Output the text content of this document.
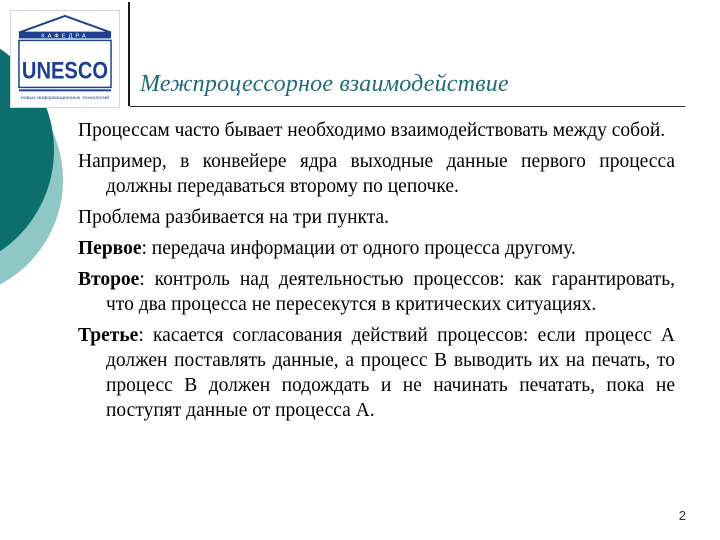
КАФЕДРА
UNESCO
новых информационных технологий
Межпроцессорное взаимодействие

Процессам часто бывает необходимо взаимодействовать между собой.

Например, в конвейере ядра выходные данные первого процесса должны передаваться второму по цепочке.

Проблема разбивается на три пункта.

Первое: передача информации от одного процесса другому.

Второе: контроль над деятельностью процессов: как гарантировать, что два процесса не пересекутся в критических ситуациях.

Третье: касается согласования действий процессов: если процесс А должен поставлять данные, а процесс В выводить их на печать, то процесс В должен подождать и не начинать печатать, пока не поступят данные от процесса А.

2
